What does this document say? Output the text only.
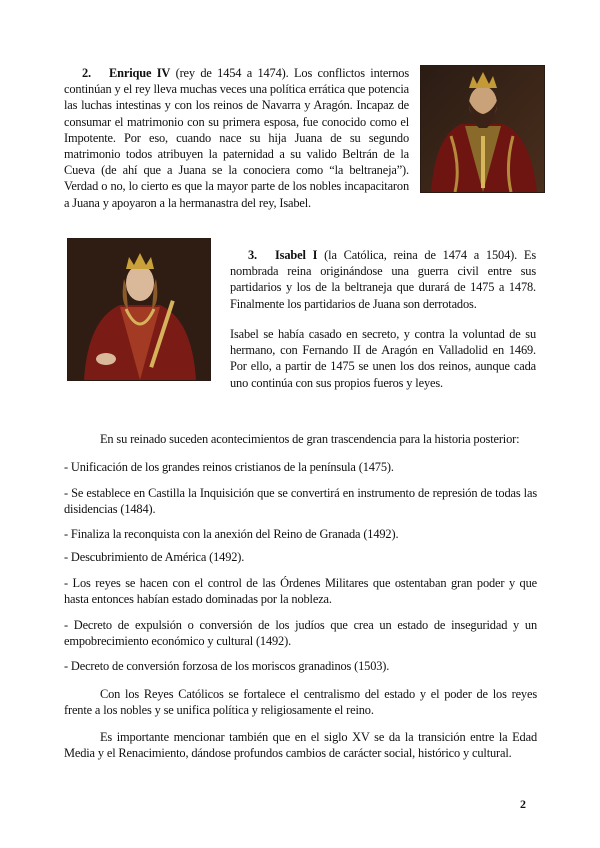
2. Enrique IV (rey de 1454 a 1474). Los conflictos internos continúan y el rey lleva muchas veces una política errática que potencia las luchas intestinas y con los reinos de Navarra y Aragón. Incapaz de consumar el matrimonio con su primera esposa, fue conocido como el Impotente. Por eso, cuando nace su hija Juana de su segundo matrimonio todos atribuyen la paternidad a su valido Beltrán de la Cueva (de ahí que a Juana se la conociera como “la beltraneja”). Verdad o no, lo cierto es que la mayor parte de los nobles incapacitaron a Juana y apoyaron a la hermanastra del rey, Isabel.
3. Isabel I (la Católica, reina de 1474 a 1504). Es nombrada reina originándose una guerra civil entre sus partidarios y los de la beltraneja que durará de 1475 a 1478. Finalmente los partidarios de Juana son derrotados.

Isabel se había casado en secreto, y contra la voluntad de su hermano, con Fernando II de Aragón en Valladolid en 1469. Por ello, a partir de 1475 se unen los dos reinos, aunque cada uno continúa con sus propios fueros y leyes.

En su reinado suceden acontecimientos de gran trascendencia para la historia posterior:

- Unificación de los grandes reinos cristianos de la península (1475).

- Se establece en Castilla la Inquisición que se convertirá en instrumento de represión de todas las disidencias (1484).

- Finaliza la reconquista con la anexión del Reino de Granada (1492).

- Descubrimiento de América (1492).

- Los reyes se hacen con el control de las Órdenes Militares que ostentaban gran poder y que hasta entonces habían estado dominadas por la nobleza.

- Decreto de expulsión o conversión de los judíos que crea un estado de inseguridad y un empobrecimiento económico y cultural (1492).

- Decreto de conversión forzosa de los moriscos granadinos (1503).

Con los Reyes Católicos se fortalece el centralismo del estado y el poder de los reyes frente a los nobles y se unifica política y religiosamente el reino.

Es importante mencionar también que en el siglo XV se da la transición entre la Edad Media y el Renacimiento, dándose profundos cambios de carácter social, histórico y cultural.

2
